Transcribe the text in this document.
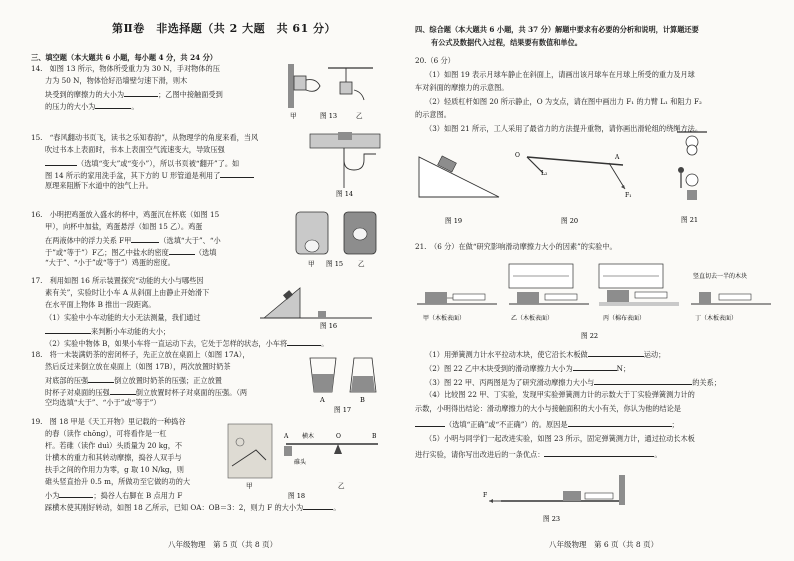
第Ⅱ卷　非选择题（共 2 大题　共 61 分）
三、填空题（本大题共 6 小题，每小题 4 分，共 24 分）
14.　如图 13 所示，物体所受重力为 30 N，手对物体的压
力为 50 N，物体恰好沿墙壁匀速下滑，则木
块受到的摩擦力的大小为	；乙图中接触面受到
的压力的大小为	。
甲	图 13	乙
15.　“春风翻动书页飞，读书之乐知春韵”，从物理学的角度来看，当风
吹过书本上表面时，书本上表面空气流速变大，导致压强
（选填“变大”或“变小”），所以书页被“翻开”了。如
图 14 所示的家用洗手盆，其下方的 U 形管道是利用了
原理来阻断下水道中的浊气上升。
图 14
16.　小明把鸡蛋放入盛水的杯中，鸡蛋沉在杯底（如图 15
甲），向杯中加盐，鸡蛋悬浮（如图 15 乙）。鸡蛋
在两液体中的浮力关系 F甲	（选填“大于”、“小
于”或“等于”）F乙；图乙中盐水的密度	（选填
“大于”、“小于”或“等于”）鸡蛋的密度。	甲 图 15 乙
17.　利用如图 16 所示装置探究“动能的大小与哪些因
素有关”，实验时让小车 A 从斜面上由静止开始滑下
在水平面上物体 B 推出一段距离。
（1）实验中小车动能的大小无法测量，我们通过
来判断小车动能的大小；
（2）实验中物体 B，如果小车将一直运动下去，它处于怎样的状态，小车将	。
图 16
18.　将一未装满奶茶的密闭杯子，先正立放在桌面上（如图 17A），
然后反过来倒立放在桌面上（如图 17B），两次放置时奶茶
对底部的压强	倒立放置时奶茶的压强；正立放置
时杯子对桌面的压强	倒立放置时杯子对桌面的压强。（两
空均选填“大于”、“小于”或“等于”）	A
图 17
B
19.　图 18 甲是《天工开物》里记载的一种捣谷
的舂（读作 chōng），可将看作是一杠
杆。若碓（读作 duì）头质量为 20 kg，不
计横木的重力和其转动摩擦，捣谷人双手与
扶手之间的作用力为零，g 取 10 N/kg，则
碓头竖直抬升 0.5 m，所做功至它做的功的大
小为	；捣谷人右脚在 B 点用力 F
踩横木使其刚好转动，如图 18 乙所示，已知 OA：OB＝3：2，则力 F 的大小为	。
A	O	B
横木
碓头
甲
图 18
乙
八年级物理　第 5 页（共 8 页）
四、综合题（本大题共 6 小题，共 37 分）解题中要求有必要的分析和说明，计算题还要
有公式及数据代入过程，结果要有数值和单位。
20.（6 分）
（1）如图 19 表示月球车静止在斜面上，请画出该月球车在月球上所受的重力及月球
车对斜面的摩擦力的示意图。
（2）轻质杠杆如图 20 所示静止，O 为支点，请在图中画出力 F₁ 的力臂 L₁ 和阻力 F₂
的示意图。
（3）如图 21 所示，工人采用了最省力的方法提升重物，请你画出滑轮组的绕绳方法。
图 19
O
L₂
A
F₁
图 20	图 21
21.　（6 分）在做“研究影响滑动摩擦力大小的因素”的实验中。
竖直切去一半的木块
甲（木板表面）	乙（木板表面）	丙（棉布表面）	丁（木板表面）
图 22
（1）用弹簧测力计水平拉动木块，使它沿长木板做	运动；
（2）图 22 乙中木块受到的滑动摩擦力大小为	N；
（3）图 22 甲、丙两图是为了研究滑动摩擦力大小与	的关系；
（4）比较图 22 甲、丁实验，发现甲实验弹簧测力计的示数大于丁实验弹簧测力计的
示数，小明得出结论：滑动摩擦力的大小与接触面积的大小有关，你认为他的结论是
（选填“正确”或“不正确”）的。原因是	；
（5）小明与同学们一起改进实验，如图 23 所示，固定弹簧测力计，通过拉动长木板
进行实验，请你写出改进后的一条优点：	。
F
图 23
八年级物理　第 6 页（共 8 页）
